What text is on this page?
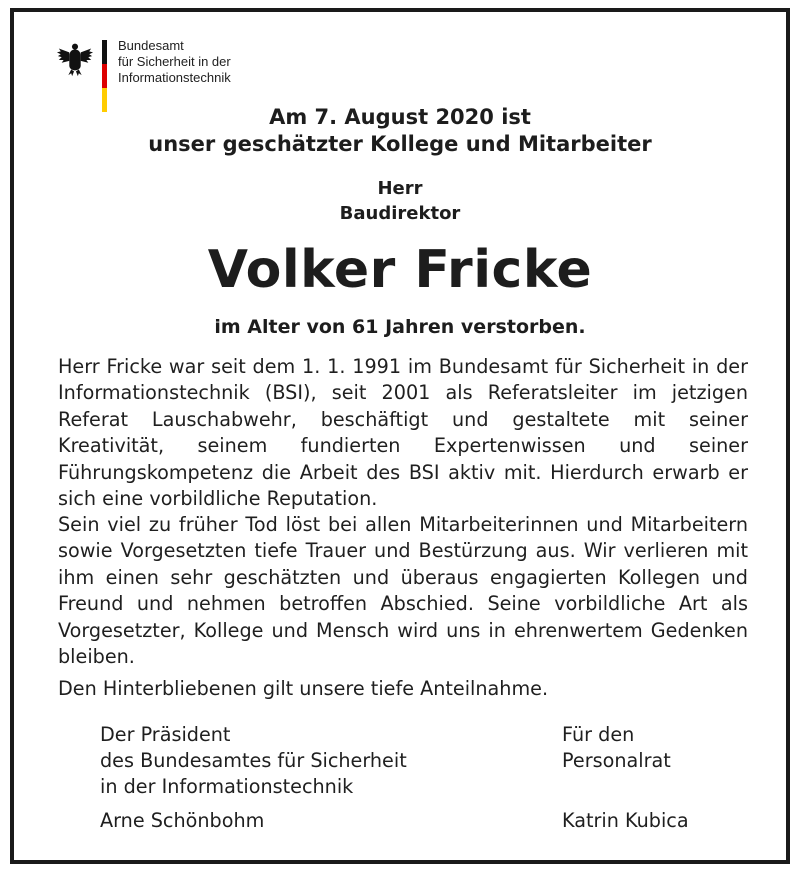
Bundesamt
für Sicherheit in der
Informationstechnik
Am 7. August 2020 ist
unser geschätzter Kollege und Mitarbeiter
Herr
Baudirektor
Volker Fricke
im Alter von 61 Jahren verstorben.
Herr Fricke war seit dem 1. 1. 1991 im Bundesamt für Sicherheit in der Informationstechnik (BSI), seit 2001 als Referatsleiter im jetzigen Referat Lauschabwehr, beschäftigt und gestaltete mit seiner Kreativität, seinem fundierten Expertenwissen und seiner Führungskompetenz die Arbeit des BSI aktiv mit. Hierdurch erwarb er sich eine vorbildliche Reputation.
Sein viel zu früher Tod löst bei allen Mitarbeiterinnen und Mitarbeitern sowie Vorgesetzten tiefe Trauer und Bestürzung aus. Wir verlieren mit ihm einen sehr geschätzten und überaus engagierten Kollegen und Freund und nehmen betroffen Abschied. Seine vorbildliche Art als Vorgesetzter, Kollege und Mensch wird uns in ehrenwertem Gedenken bleiben.
Den Hinterbliebenen gilt unsere tiefe Anteilnahme.
Der Präsident
des Bundesamtes für Sicherheit
in der Informationstechnik
Für den
Personalrat
Arne Schönbohm	Katrin Kubica
